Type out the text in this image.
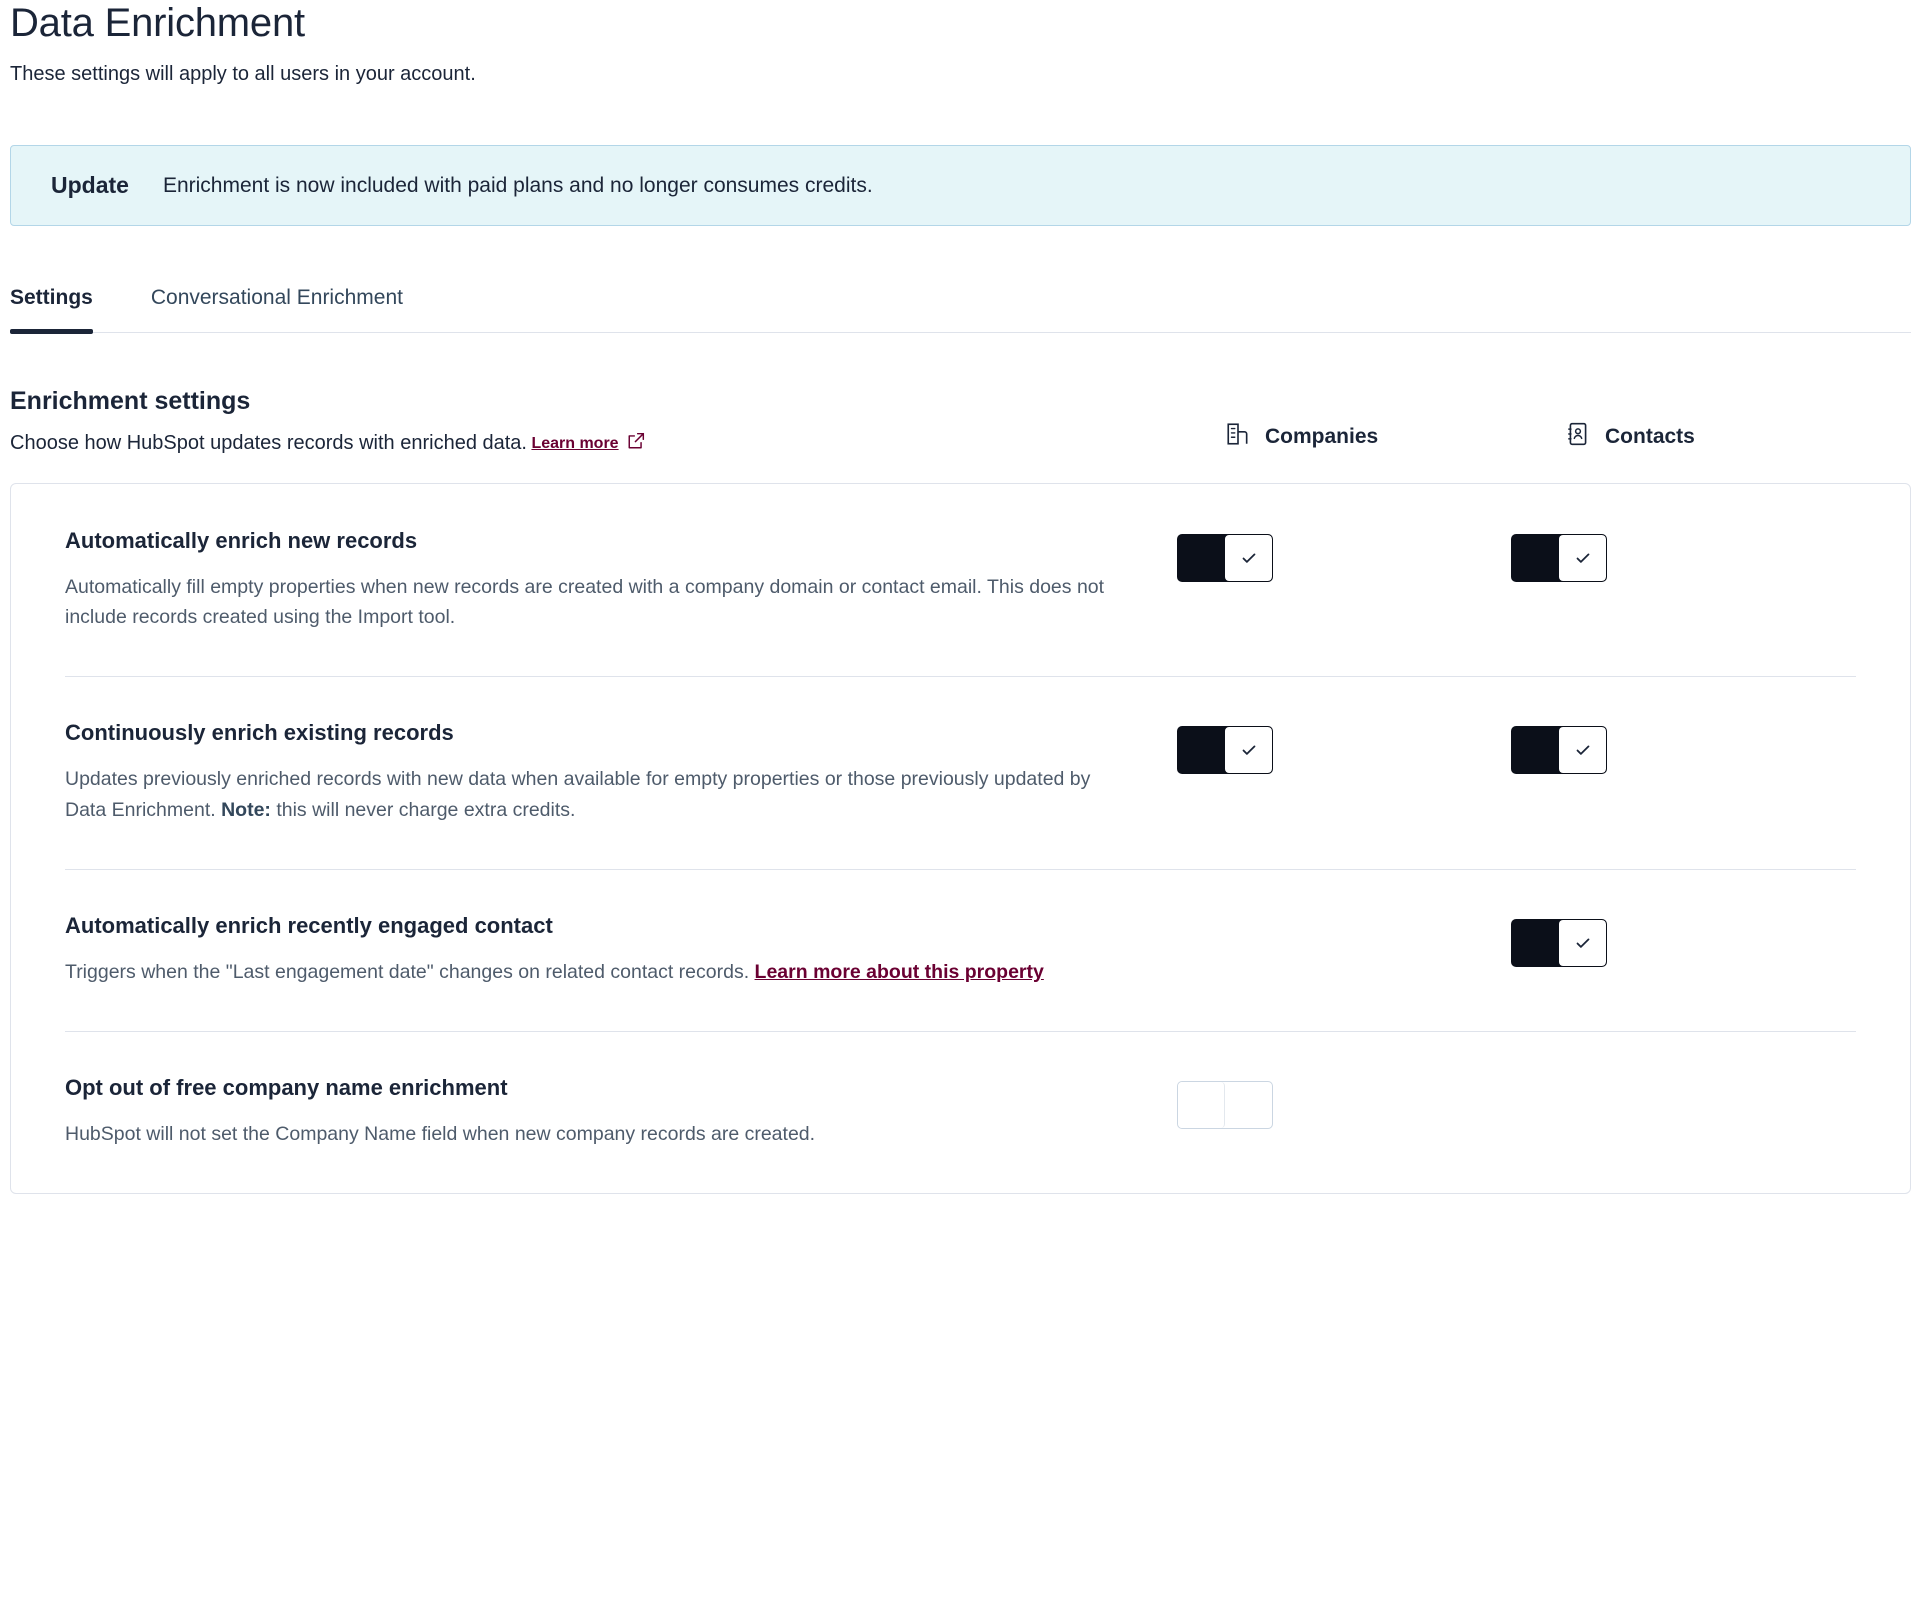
Data Enrichment
These settings will apply to all users in your account.
Update Enrichment is now included with paid plans and no longer consumes credits.
Settings	Conversational Enrichment
Enrichment settings
Choose how HubSpot updates records with enriched data.
Learn more	Companies	Contacts
Automatically enrich new records
Automatically fill empty properties when new records are created with a company domain or contact email. This does not include records created using the Import tool.
Continuously enrich existing records
Updates previously enriched records with new data when available for empty properties or those previously updated by Data Enrichment. Note: this will never charge extra credits.
Automatically enrich recently engaged contact
Triggers when the "Last engagement date" changes on related contact records. Learn more about this property
Opt out of free company name enrichment
HubSpot will not set the Company Name field when new company records are created.
